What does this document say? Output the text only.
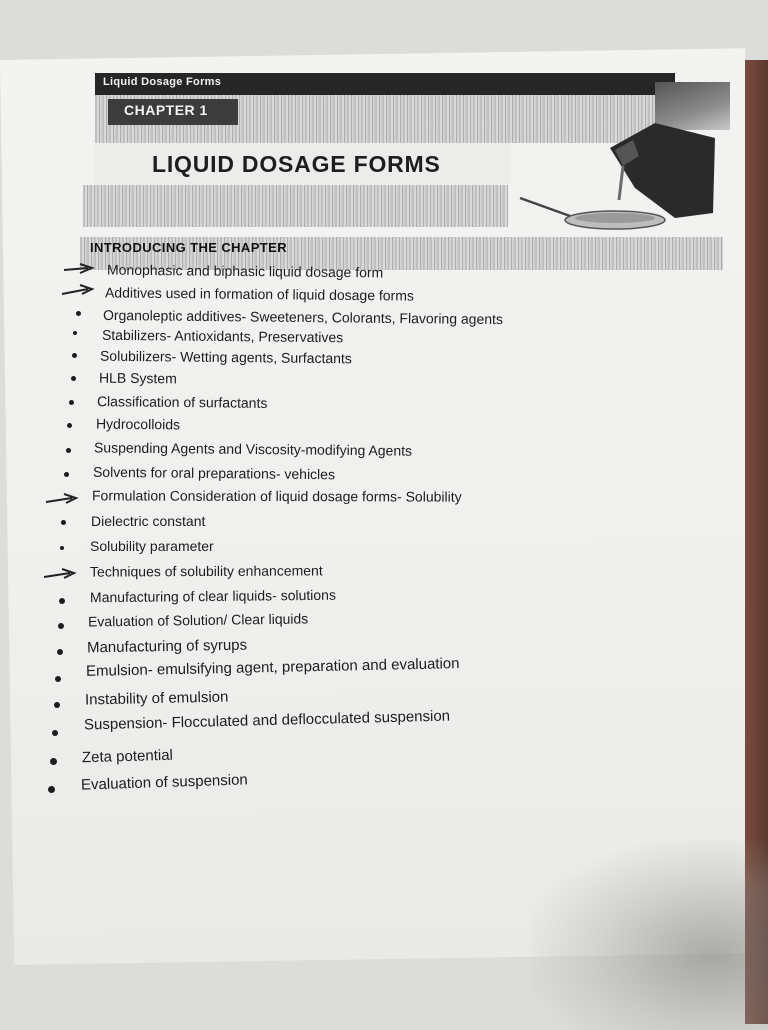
Liquid Dosage Forms
CHAPTER 1
LIQUID DOSAGE FORMS
INTRODUCING THE CHAPTER
Monophasic and biphasic liquid dosage form
Additives used in formation of liquid dosage forms
Organoleptic additives- Sweeteners, Colorants, Flavoring agents
Stabilizers- Antioxidants, Preservatives
Solubilizers- Wetting agents, Surfactants
HLB System
Classification of surfactants
Hydrocolloids
Suspending Agents and Viscosity-modifying Agents
Solvents for oral preparations- vehicles
Formulation Consideration of liquid dosage forms- Solubility
Dielectric constant
Solubility parameter
Techniques of solubility enhancement
Manufacturing of clear liquids- solutions
Evaluation of Solution/ Clear liquids
Manufacturing of syrups
Emulsion- emulsifying agent, preparation and evaluation
Instability of emulsion
Suspension- Flocculated and deflocculated suspension
Zeta potential
Evaluation of suspension
